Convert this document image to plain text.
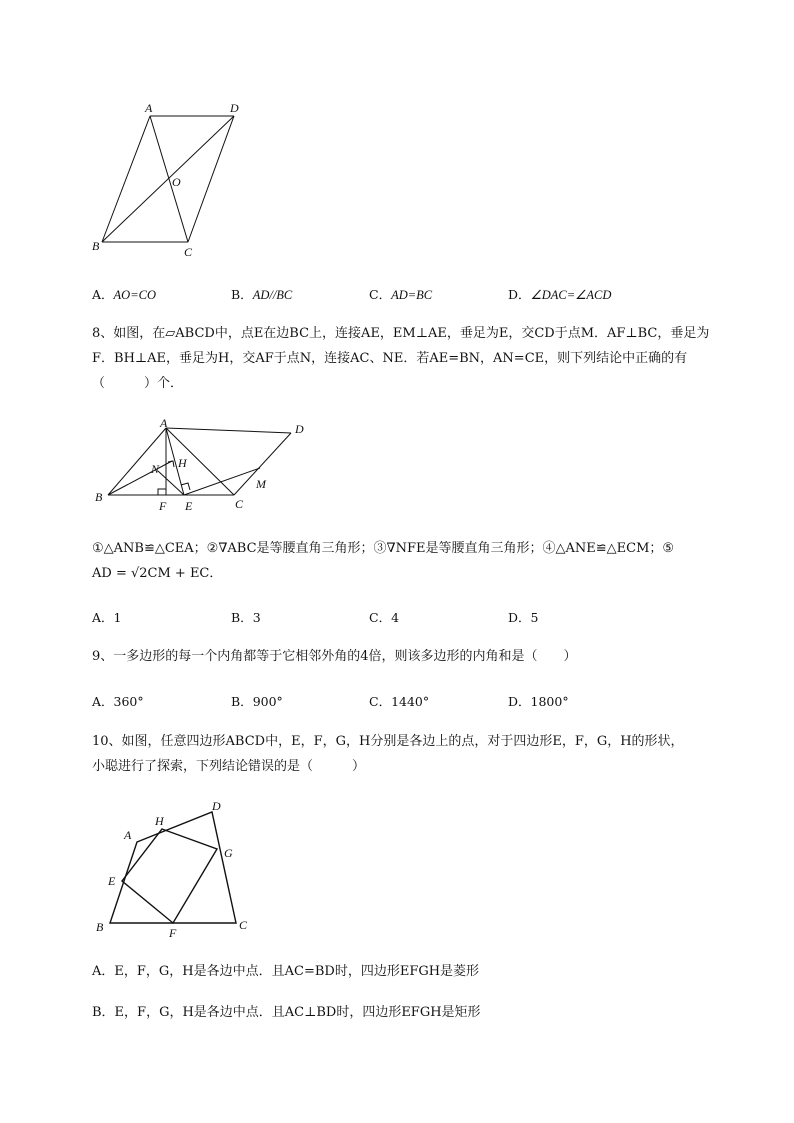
A	D
O
B	C
A．AO=CO	B．AD//BC	C．AD=BC	D．∠DAC=∠ACD
8、如图，在▱ABCD中，点E在边BC上，连接AE，EM⊥AE，垂足为E，交CD于点M．AF⊥BC，垂足为
F．BH⊥AE，垂足为H，交AF于点N，连接AC、NE．若AE=BN，AN=CE，则下列结论中正确的有
（　　　）个．
A	D
H
N
M
B
F E	C
①△ANB≌△CEA；②∇ABC是等腰直角三角形；③∇NFE是等腰直角三角形；④△ANE≌△ECM；⑤
AD = √2CM + EC．
A．1	B．3	C．4	D．5
9、一多边形的每一个内角都等于它相邻外角的4倍，则该多边形的内角和是（　　）
A．360°	B．900°	C．1440°	D．1800°
10、如图，任意四边形ABCD中，E，F，G，H分别是各边上的点，对于四边形E，F，G，H的形状，
小聪进行了探索，下列结论错误的是（　　　）
A
D
H
G
E
B	F
C
A．E，F，G，H是各边中点．且AC=BD时，四边形EFGH是菱形
B．E，F，G，H是各边中点．且AC⊥BD时，四边形EFGH是矩形
